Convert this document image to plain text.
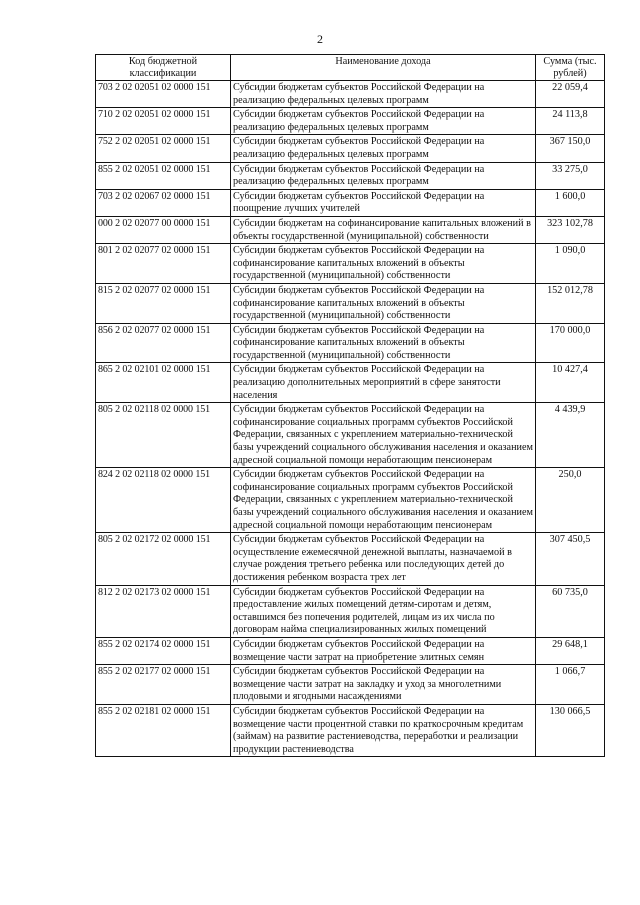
2
Код бюджетной классификации	Наименование дохода	Сумма (тыс. рублей)
703 2 02 02051 02 0000 151	Субсидии бюджетам субъектов Российской Федерации на реализацию федеральных целевых программ	22 059,4
710 2 02 02051 02 0000 151	Субсидии бюджетам субъектов Российской Федерации на реализацию федеральных целевых программ	24 113,8
752 2 02 02051 02 0000 151	Субсидии бюджетам субъектов Российской Федерации на реализацию федеральных целевых программ	367 150,0
855 2 02 02051 02 0000 151	Субсидии бюджетам субъектов Российской Федерации на реализацию федеральных целевых программ	33 275,0
703 2 02 02067 02 0000 151	Субсидии бюджетам субъектов Российской Федерации на поощрение лучших учителей	1 600,0
000 2 02 02077 00 0000 151	Субсидии бюджетам на софинансирование капитальных вложений в объекты государственной (муниципальной) собственности	323 102,78
801 2 02 02077 02 0000 151	Субсидии бюджетам субъектов Российской Федерации на софинансирование капитальных вложений в объекты государственной (муниципальной) собственности	1 090,0
815 2 02 02077 02 0000 151	Субсидии бюджетам субъектов Российской Федерации на софинансирование капитальных вложений в объекты государственной (муниципальной) собственности	152 012,78
856 2 02 02077 02 0000 151	Субсидии бюджетам субъектов Российской Федерации на софинансирование капитальных вложений в объекты государственной (муниципальной) собственности	170 000,0
865 2 02 02101 02 0000 151	Субсидии бюджетам субъектов Российской Федерации на реализацию дополнительных мероприятий в сфере занятости населения	10 427,4
805 2 02 02118 02 0000 151	Субсидии бюджетам субъектов Российской Федерации на софинансирование социальных программ субъектов Российской Федерации, связанных с укреплением материально-технической базы учреждений социального обслуживания населения и оказанием адресной социальной помощи неработающим пенсионерам	4 439,9
824 2 02 02118 02 0000 151	Субсидии бюджетам субъектов Российской Федерации на софинансирование социальных программ субъектов Российской Федерации, связанных с укреплением материально-технической базы учреждений социального обслуживания населения и оказанием адресной социальной помощи неработающим пенсионерам	250,0
805 2 02 02172 02 0000 151	Субсидии бюджетам субъектов Российской Федерации на осуществление ежемесячной денежной выплаты, назначаемой в случае рождения третьего ребенка или последующих детей до достижения ребенком возраста трех лет	307 450,5
812 2 02 02173 02 0000 151	Субсидии бюджетам субъектов Российской Федерации на предоставление жилых помещений детям-сиротам и детям, оставшимся без попечения родителей, лицам из их числа по договорам найма специализированных жилых помещений	60 735,0
855 2 02 02174 02 0000 151	Субсидии бюджетам субъектов Российской Федерации на возмещение части затрат на приобретение элитных семян	29 648,1
855 2 02 02177 02 0000 151	Субсидии бюджетам субъектов Российской Федерации на возмещение части затрат на закладку и уход за многолетними плодовыми и ягодными насаждениями	1 066,7
855 2 02 02181 02 0000 151	Субсидии бюджетам субъектов Российской Федерации на возмещение части процентной ставки по краткосрочным кредитам (займам) на развитие растениеводства, переработки и реализации продукции растениеводства	130 066,5
